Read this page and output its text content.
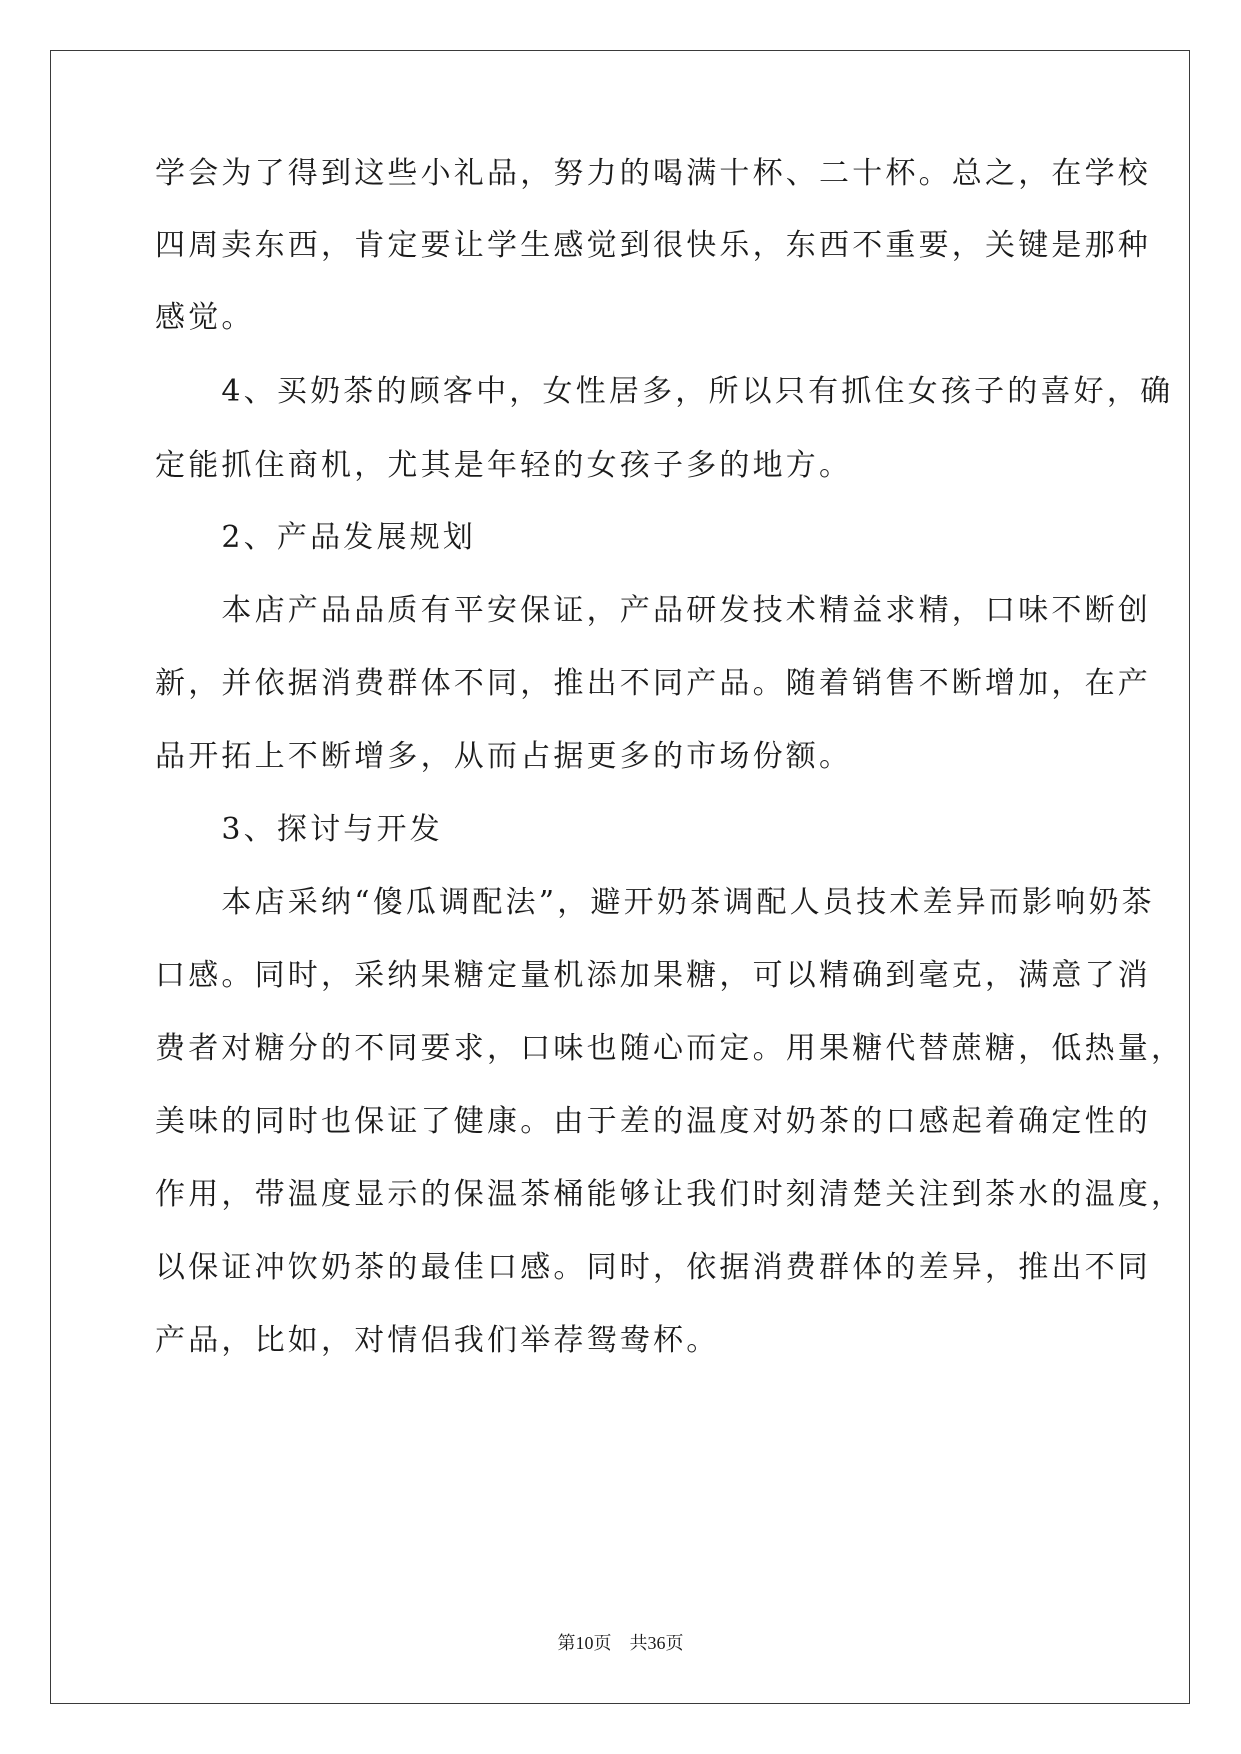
学会为了得到这些小礼品，努力的喝满十杯、二十杯。总之，在学校
四周卖东西，肯定要让学生感觉到很快乐，东西不重要，关键是那种
感觉。
　　4、买奶茶的顾客中，女性居多，所以只有抓住女孩子的喜好，确
定能抓住商机，尤其是年轻的女孩子多的地方。
　　2、产品发展规划
　　本店产品品质有平安保证，产品研发技术精益求精，口味不断创
新，并依据消费群体不同，推出不同产品。随着销售不断增加，在产
品开拓上不断增多，从而占据更多的市场份额。
　　3、探讨与开发
　　本店采纳“傻瓜调配法”，避开奶茶调配人员技术差异而影响奶茶
口感。同时，采纳果糖定量机添加果糖，可以精确到毫克，满意了消
费者对糖分的不同要求，口味也随心而定。用果糖代替蔗糖，低热量，
美味的同时也保证了健康。由于差的温度对奶茶的口感起着确定性的
作用，带温度显示的保温茶桶能够让我们时刻清楚关注到茶水的温度，
以保证冲饮奶茶的最佳口感。同时，依据消费群体的差异，推出不同
产品，比如，对情侣我们举荐鸳鸯杯。
第10页　共36页
